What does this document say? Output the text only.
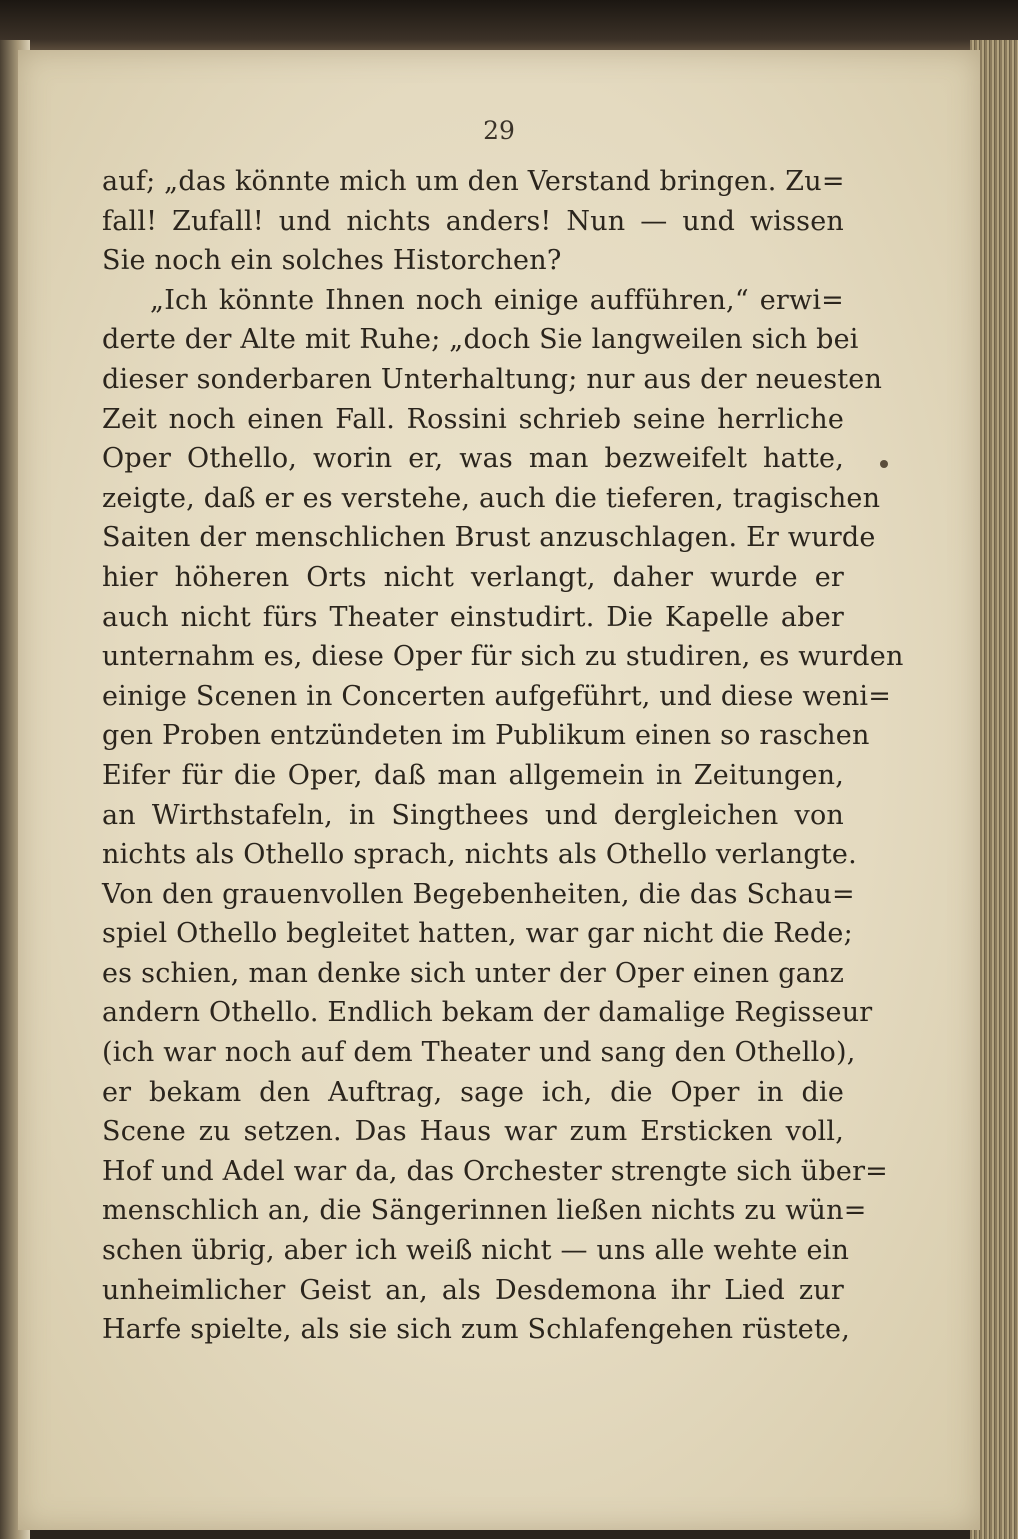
29
auf; „das könnte mich um den Verstand bringen. Zu=
fall! Zufall! und nichts anders! Nun — und wissen
Sie noch ein solches Historchen?
„Ich könnte Ihnen noch einige aufführen,“ erwi=
derte der Alte mit Ruhe; „doch Sie langweilen sich bei
dieser sonderbaren Unterhaltung; nur aus der neuesten
Zeit noch einen Fall. Rossini schrieb seine herrliche
Oper Othello, worin er, was man bezweifelt hatte,
zeigte, daß er es verstehe, auch die tieferen, tragischen
Saiten der menschlichen Brust anzuschlagen. Er wurde
hier höheren Orts nicht verlangt, daher wurde er
auch nicht fürs Theater einstudirt. Die Kapelle aber
unternahm es, diese Oper für sich zu studiren, es wurden
einige Scenen in Concerten aufgeführt, und diese weni=
gen Proben entzündeten im Publikum einen so raschen
Eifer für die Oper, daß man allgemein in Zeitungen,
an Wirthstafeln, in Singthees und dergleichen von
nichts als Othello sprach, nichts als Othello verlangte.
Von den grauenvollen Begebenheiten, die das Schau=
spiel Othello begleitet hatten, war gar nicht die Rede;
es schien, man denke sich unter der Oper einen ganz
andern Othello. Endlich bekam der damalige Regisseur
(ich war noch auf dem Theater und sang den Othello),
er bekam den Auftrag, sage ich, die Oper in die
Scene zu setzen. Das Haus war zum Ersticken voll,
Hof und Adel war da, das Orchester strengte sich über=
menschlich an, die Sängerinnen ließen nichts zu wün=
schen übrig, aber ich weiß nicht — uns alle wehte ein
unheimlicher Geist an, als Desdemona ihr Lied zur
Harfe spielte, als sie sich zum Schlafengehen rüstete,
